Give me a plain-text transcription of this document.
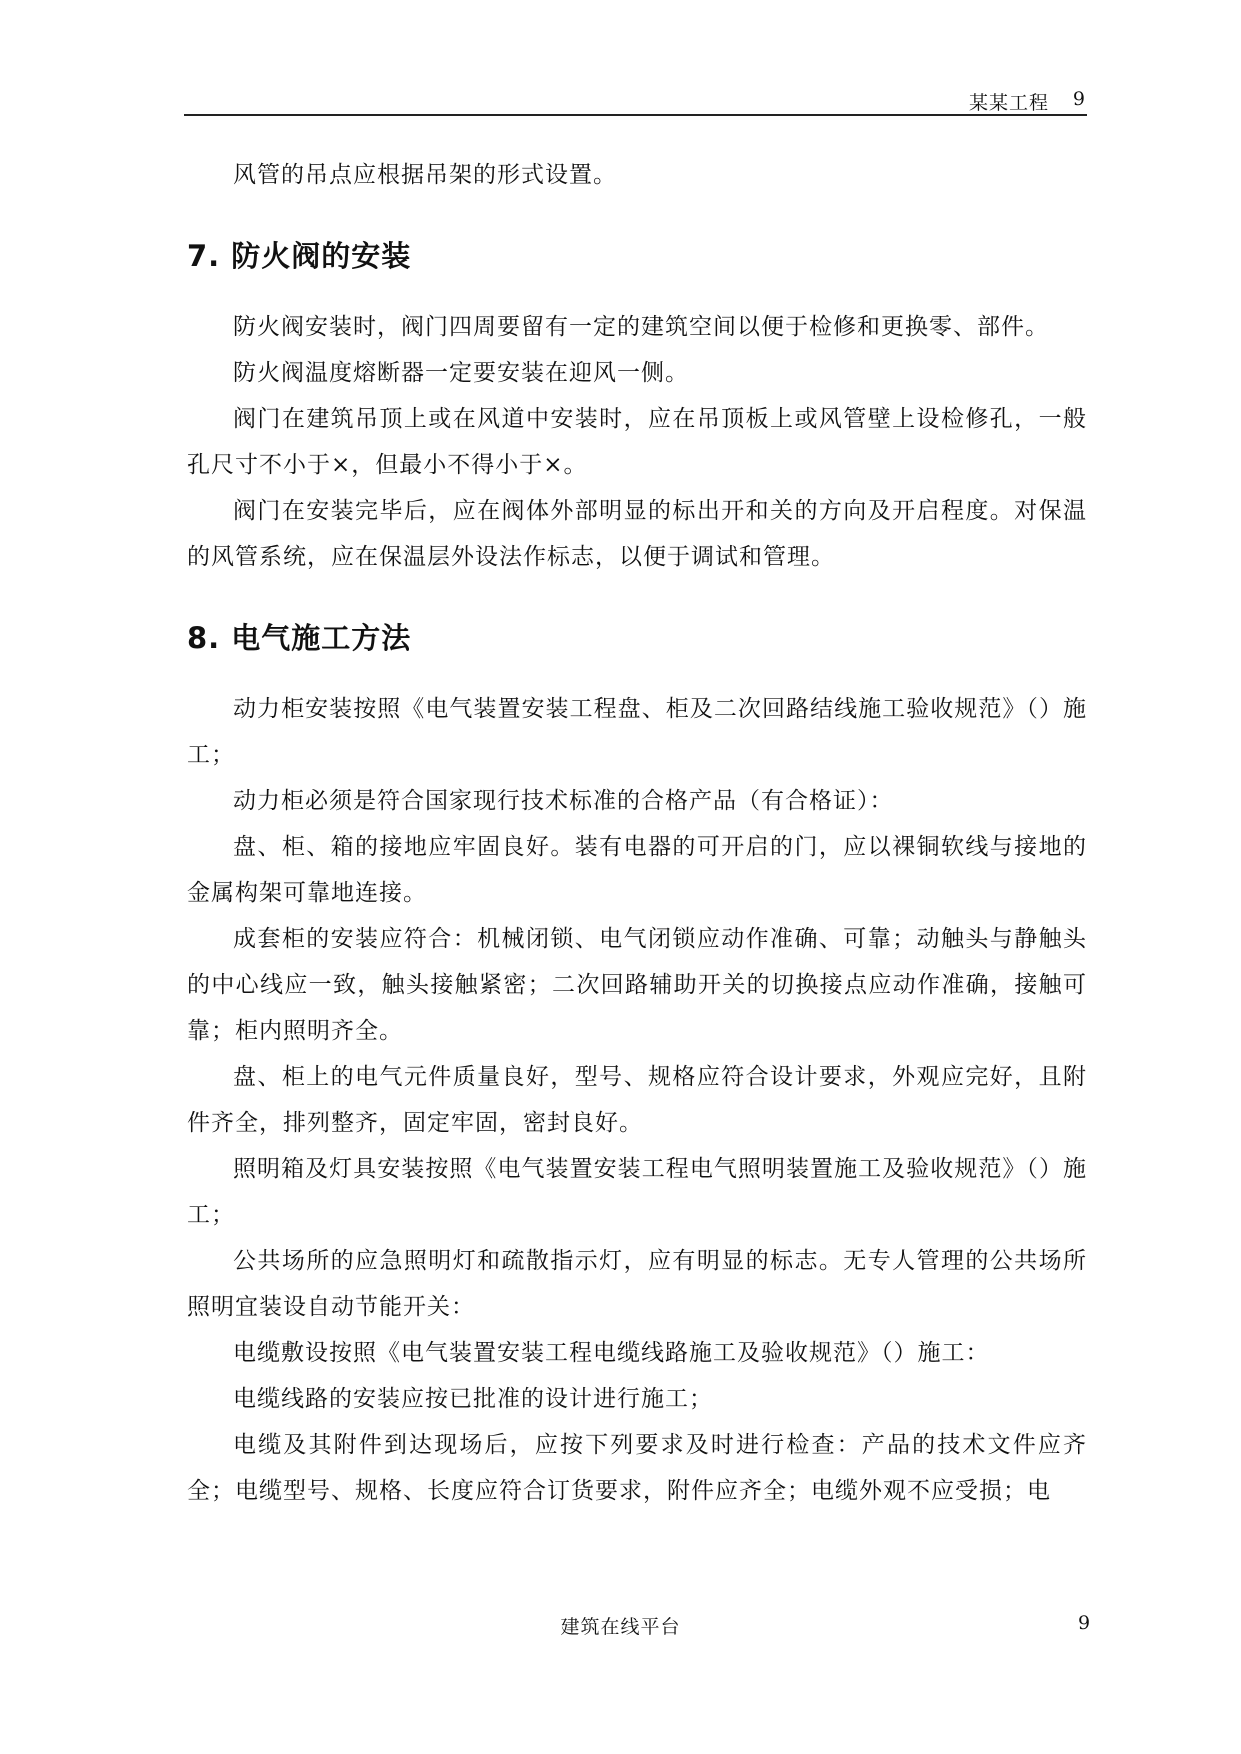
某某工程 9

风管的吊点应根据吊架的形式设置。

7. 防火阀的安装

防火阀安装时，阀门四周要留有一定的建筑空间以便于检修和更换零、部件。

防火阀温度熔断器一定要安装在迎风一侧。

阀门在建筑吊顶上或在风道中安装时，应在吊顶板上或风管壁上设检修孔，一般孔尺寸不小于×，但最小不得小于×。

阀门在安装完毕后，应在阀体外部明显的标出开和关的方向及开启程度。对保温的风管系统，应在保温层外设法作标志，以便于调试和管理。

8. 电气施工方法

动力柜安装按照《电气装置安装工程盘、柜及二次回路结线施工验收规范》（）施工；

动力柜必须是符合国家现行技术标准的合格产品（有合格证）：

盘、柜、箱的接地应牢固良好。装有电器的可开启的门，应以裸铜软线与接地的金属构架可靠地连接。

成套柜的安装应符合：机械闭锁、电气闭锁应动作准确、可靠；动触头与静触头的中心线应一致，触头接触紧密；二次回路辅助开关的切换接点应动作准确，接触可靠；柜内照明齐全。

盘、柜上的电气元件质量良好，型号、规格应符合设计要求，外观应完好，且附件齐全，排列整齐，固定牢固，密封良好。

照明箱及灯具安装按照《电气装置安装工程电气照明装置施工及验收规范》（）施工；

公共场所的应急照明灯和疏散指示灯，应有明显的标志。无专人管理的公共场所照明宜装设自动节能开关：

电缆敷设按照《电气装置安装工程电缆线路施工及验收规范》（）施工：

电缆线路的安装应按已批准的设计进行施工；

电缆及其附件到达现场后，应按下列要求及时进行检查：产品的技术文件应齐全；电缆型号、规格、长度应符合订货要求，附件应齐全；电缆外观不应受损；电

建筑在线平台	9
